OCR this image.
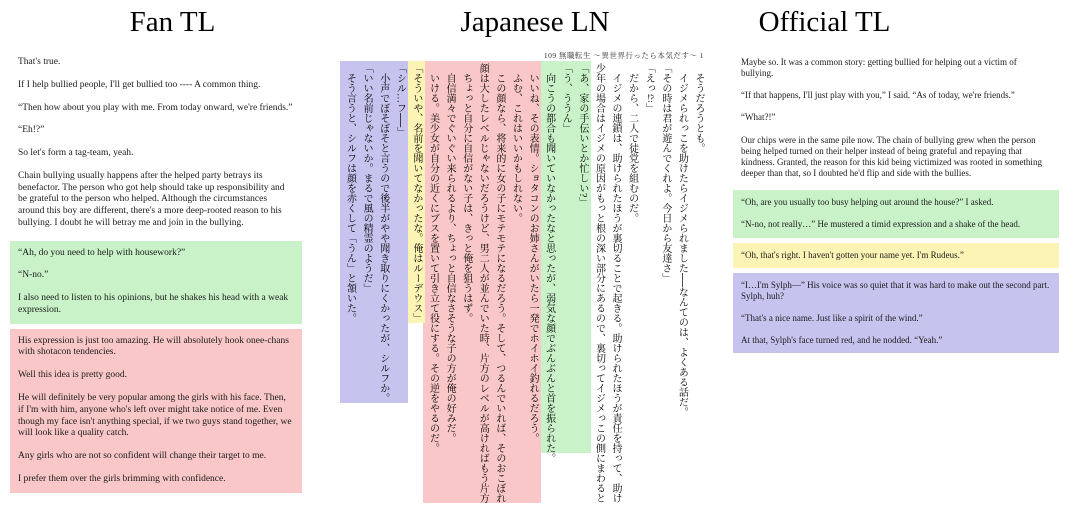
Fan TL	Japanese LN	Official TL

That's true.

If I help bullied people, I'll get bullied too ---- A common thing.

“Then how about you play with me. From today onward, we're friends.”

“Eh!?”

So let's form a tag-team, yeah.

Chain bullying usually happens after the helped party betrays its benefactor. The person who got help should take up responsibility and be grateful to the person who helped. Although the circumstances around this boy are different, there's a more deep-rooted reason to his bullying. I doubt he will betray me and join in the bullying.

“Ah, do you need to help with housework?”

“N-no.”

I also need to listen to his opinions, but he shakes his head with a weak expression.

His expression is just too amazing. He will absolutely hook onee-chans with shotacon tendencies.

Well this idea is pretty good.

He will definitely be very popular among the girls with his face. Then, if I'm with him, anyone who's left over might take notice of me. Even though my face isn't anything special, if we two guys stand together, we will look like a quality catch.

Any girls who are not so confident will change their target to me.

I prefer them over the girls brimming with confidence.

109 無職転生 ～異世界行ったら本気だす～ 1
　そうだろうとも。
　イジメられっこを助けたらイジメられました──なんてのは、よくある話だ。
「その時は君が遊んでくれよ。今日から友達さ」
「えっ⁉」
　だから、二人で徒党を組むのだ。
　イジメの連鎖は、助けられたほうが裏切ることで起きる。助けられたほうが責任を持って、助け
少年の場合はイジメの原因がもっと根の深い部分にあるので、裏切ってイジメっこの側にまわると
「あ、家の手伝いとか忙しい?」
「う、ううん」
　向こうの都合も聞いていなかったなと思ったが、弱気な顔でぶんぶんと首を振られた。
　いいね、その表情。ショタコンのお姉さんがいたら一発でホイホイ釣れるだろう。
　ふむ、これはいいかもしれない。
　この顔なら、将来的に女の子にモテモテになるだろう。そして、つるんでいれば、そのおこぼれ
顔は大したレベルじゃないだろうけど、男二人が並んでいた時、片方のレベルが高ければもう片方
　ちょっと自分に自信がない子は、きっと俺を狙うはず。
　自信満々でぐいぐい来られるより、ちょっと自信なさそうな子の方が俺の好みだ。
　いける。美少女が自分の近くにブスを置いて引き立て役にする。その逆をやるのだ。
「そういや、名前を聞いてなかったな。俺はルーデウス」
「シル…フ──」
　小声でぼそぼそと言うので後半がやや聞き取りにくかったが、シルフか。
「いい名前じゃないか。まるで風の精霊のようだ」
　そう言うと、シルフは顔を赤くして「うん」と頷いた。

Maybe so. It was a common story: getting bullied for helping out a victim of bullying.

“If that happens, I'll just play with you,” I said. “As of today, we're friends.”

“What?!”

Our chips were in the same pile now. The chain of bullying grew when the person being helped turned on their helper instead of being grateful and repaying that kindness. Granted, the reason for this kid being victimized was rooted in something deeper than that, so I doubted he'd flip and side with the bullies.

“Oh, are you usually too busy helping out around the house?” I asked.

“N-no, not really…” He mustered a timid expression and a shake of the head.

“Oh, that's right. I haven't gotten your name yet. I'm Rudeus.”

“I…I'm Sylph—” His voice was so quiet that it was hard to make out the second part. Sylph, huh?

“That's a nice name. Just like a spirit of the wind.”

At that, Sylph's face turned red, and he nodded. “Yeah.”
